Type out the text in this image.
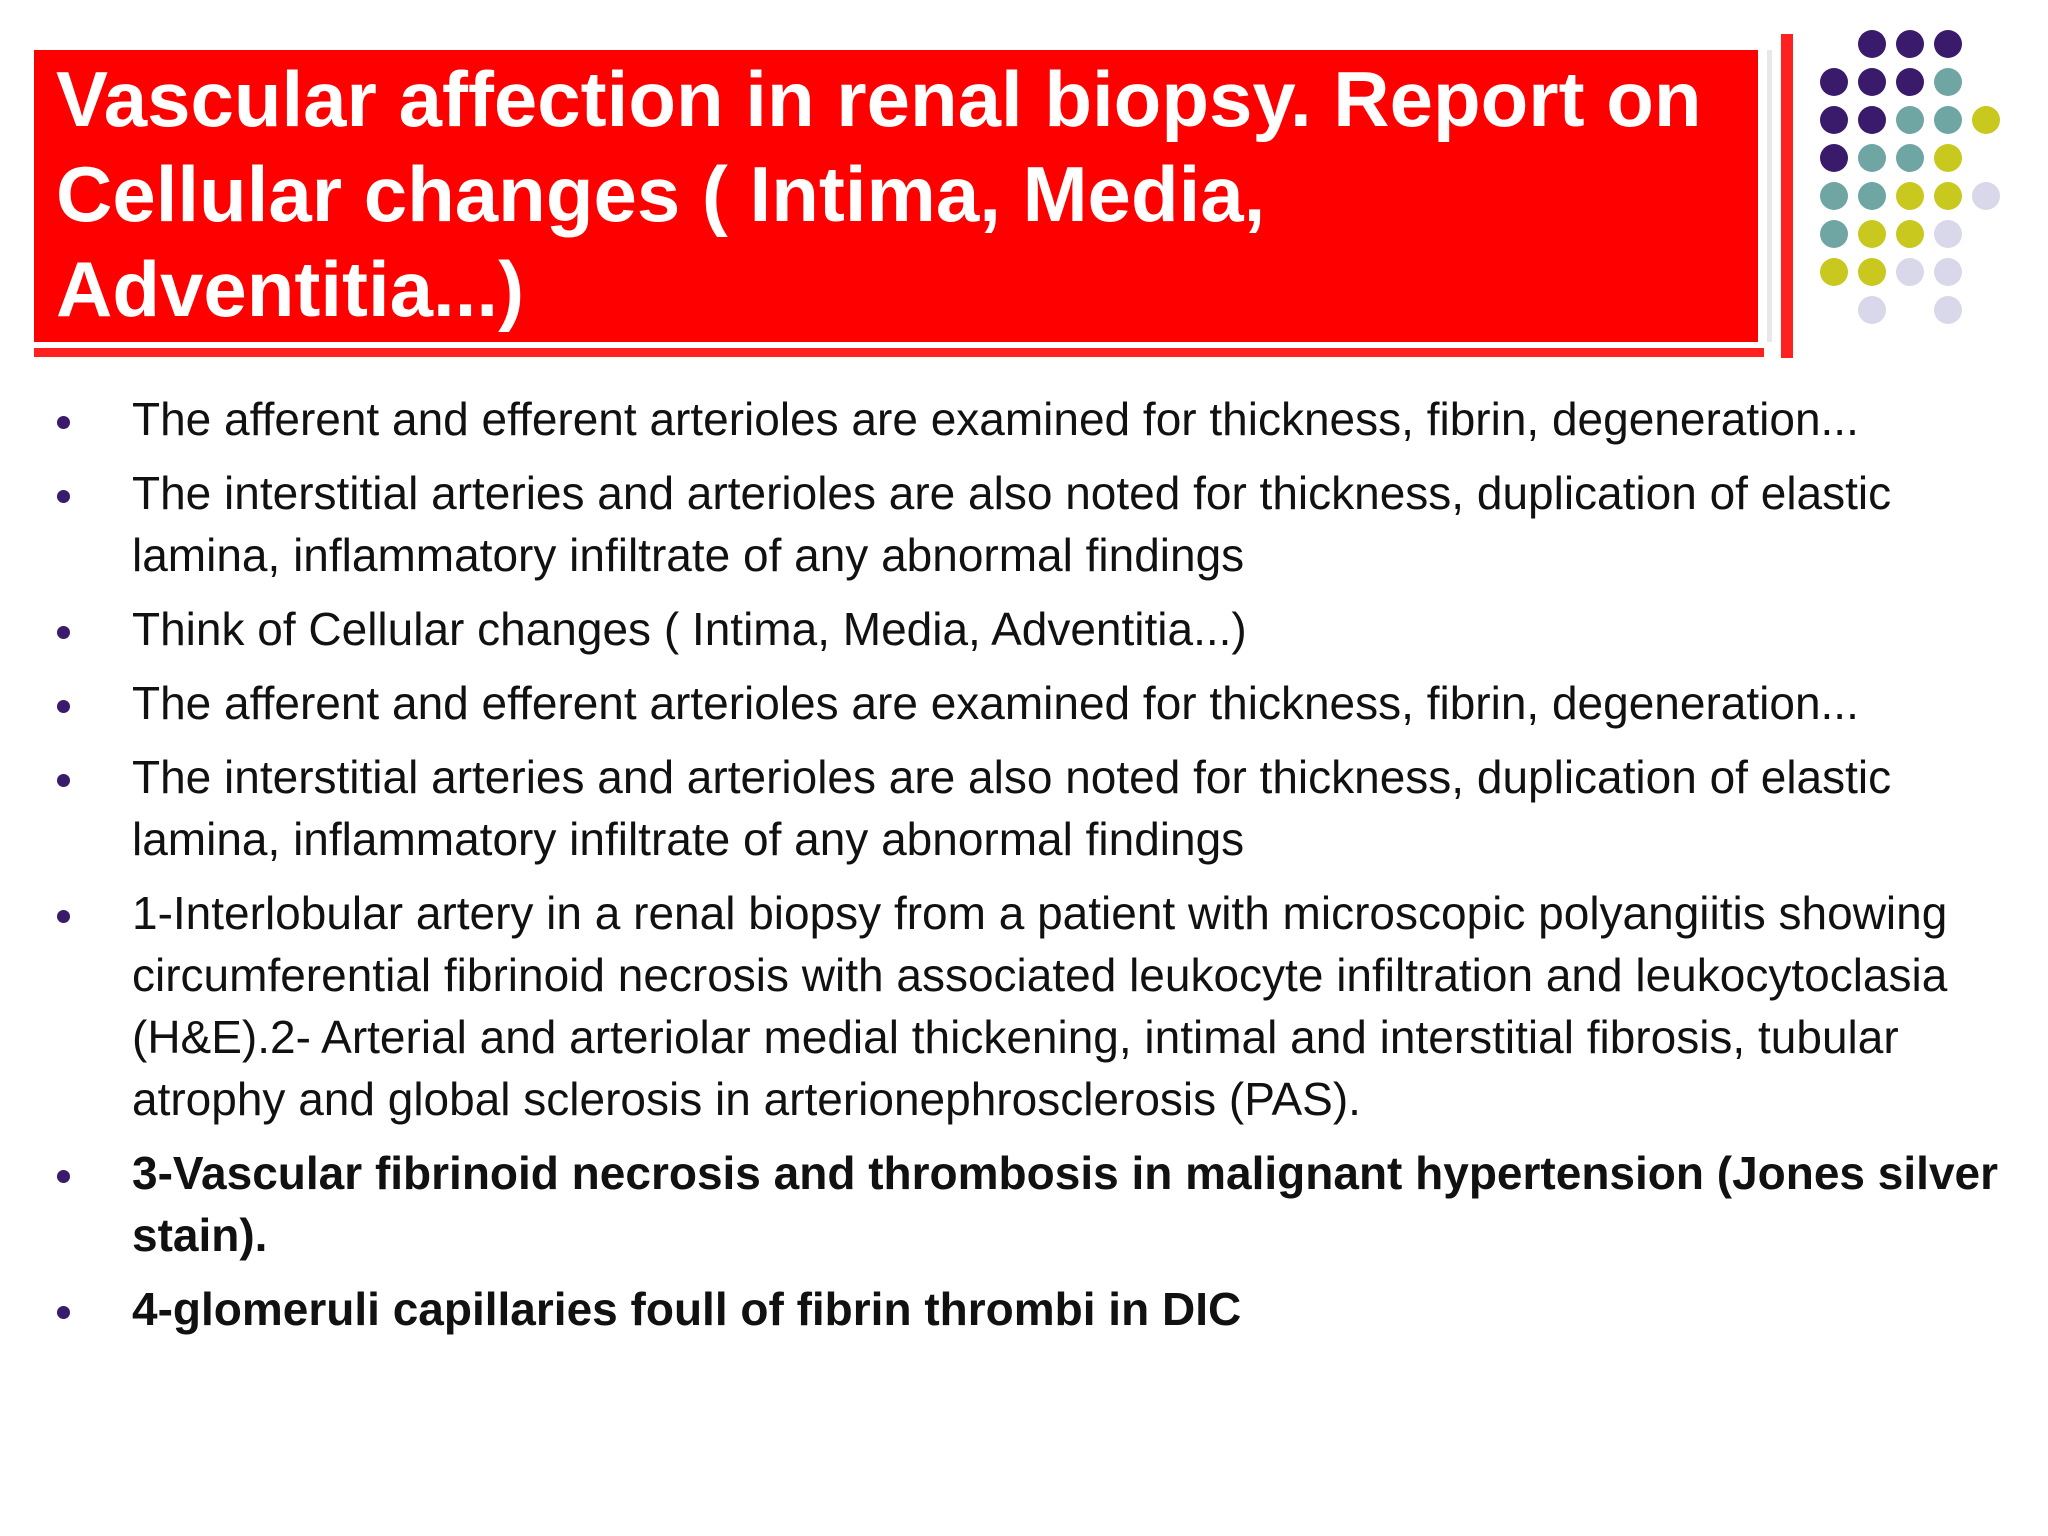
Vascular affection in renal biopsy. Report on Cellular changes ( Intima, Media, Adventitia...)

The afferent and efferent arterioles are examined for thickness, fibrin, degeneration...
The interstitial arteries and arterioles are also noted for thickness, duplication of elastic lamina, inflammatory infiltrate of any abnormal findings
Think of Cellular changes ( Intima, Media, Adventitia...)
The afferent and efferent arterioles are examined for thickness, fibrin, degeneration...
The interstitial arteries and arterioles are also noted for thickness, duplication of elastic lamina, inflammatory infiltrate of any abnormal findings
1-Interlobular artery in a renal biopsy from a patient with microscopic polyangiitis showing circumferential fibrinoid necrosis with associated leukocyte infiltration and leukocytoclasia (H&E).2- Arterial and arteriolar medial thickening, intimal and interstitial fibrosis, tubular atrophy and global sclerosis in arterionephrosclerosis (PAS).
3-Vascular fibrinoid necrosis and thrombosis in malignant hypertension (Jones silver stain).
4-glomeruli capillaries foull of fibrin thrombi in DIC
